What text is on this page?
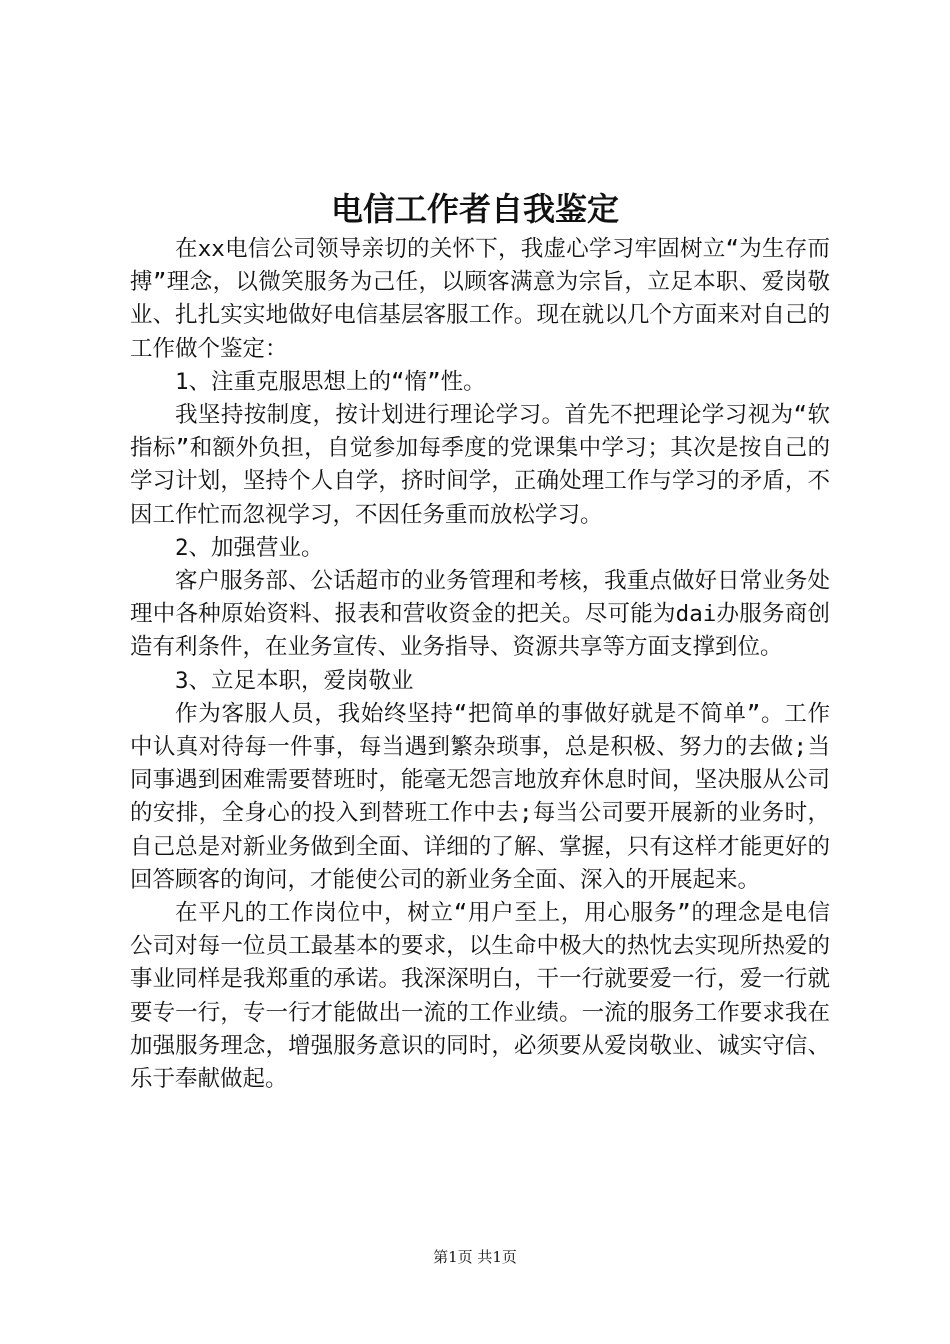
电信工作者自我鉴定

在xx电信公司领导亲切的关怀下，我虚心学习牢固树立“为生存而搏”理念，以微笑服务为己任，以顾客满意为宗旨，立足本职、爱岗敬业、扎扎实实地做好电信基层客服工作。现在就以几个方面来对自己的工作做个鉴定：

1、注重克服思想上的“惰”性。

我坚持按制度，按计划进行理论学习。首先不把理论学习视为“软指标”和额外负担，自觉参加每季度的党课集中学习；其次是按自己的学习计划，坚持个人自学，挤时间学，正确处理工作与学习的矛盾，不因工作忙而忽视学习，不因任务重而放松学习。

2、加强营业。

客户服务部、公话超市的业务管理和考核，我重点做好日常业务处理中各种原始资料、报表和营收资金的把关。尽可能为dai办服务商创造有利条件，在业务宣传、业务指导、资源共享等方面支撑到位。

3、立足本职，爱岗敬业

作为客服人员，我始终坚持“把简单的事做好就是不简单”。工作中认真对待每一件事，每当遇到繁杂琐事，总是积极、努力的去做;当同事遇到困难需要替班时，能毫无怨言地放弃休息时间，坚决服从公司的安排，全身心的投入到替班工作中去;每当公司要开展新的业务时，自己总是对新业务做到全面、详细的了解、掌握，只有这样才能更好的回答顾客的询问，才能使公司的新业务全面、深入的开展起来。

在平凡的工作岗位中，树立“用户至上，用心服务”的理念是电信公司对每一位员工最基本的要求，以生命中极大的热忱去实现所热爱的事业同样是我郑重的承诺。我深深明白，干一行就要爱一行，爱一行就要专一行，专一行才能做出一流的工作业绩。一流的服务工作要求我在加强服务理念，增强服务意识的同时，必须要从爱岗敬业、诚实守信、乐于奉献做起。

第1页 共1页
